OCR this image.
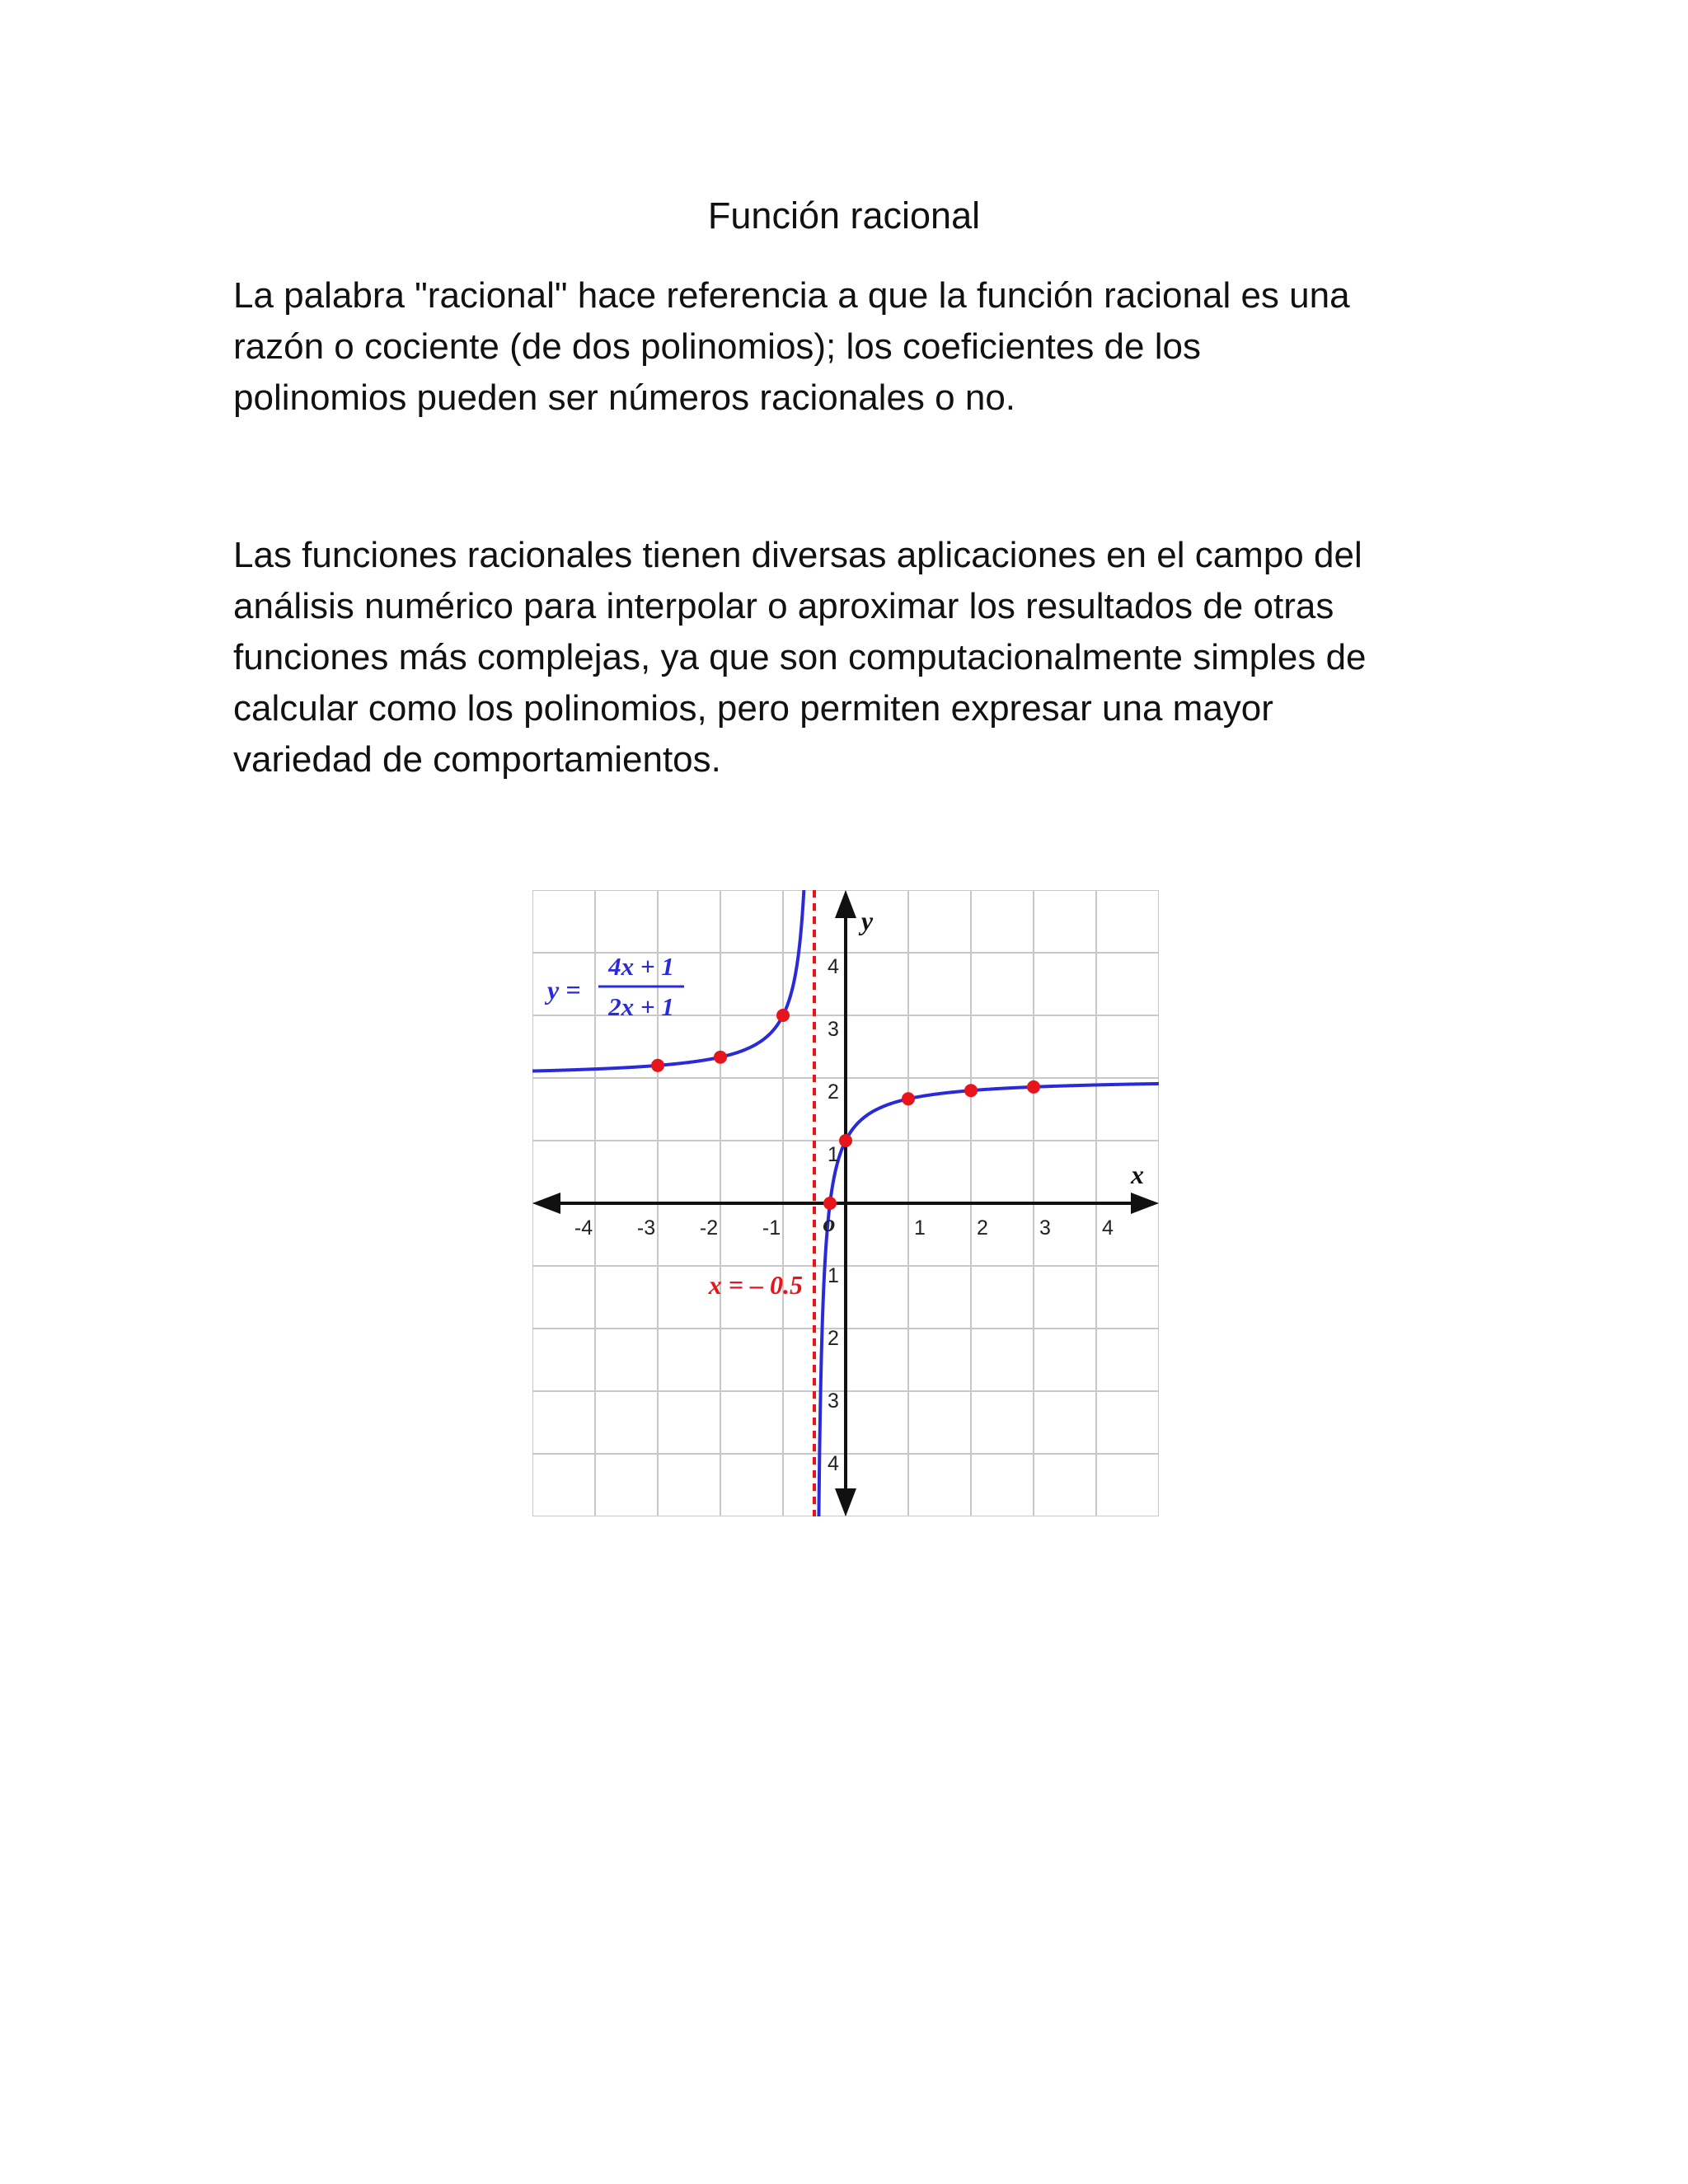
Función racional
La palabra "racional" hace referencia a que la función racional es una
razón o cociente (de dos polinomios); los coeficientes de los
polinomios pueden ser números racionales o no.
Las funciones racionales tienen diversas aplicaciones en el campo del
análisis numérico para interpolar o aproximar los resultados de otras
funciones más complejas, ya que son computacionalmente simples de
calcular como los polinomios, pero permiten expresar una mayor
variedad de comportamientos.
-4 -3 -2 -1	1 2 3 4
4
3
2
1
1
2
3
4
o
x
y
y =
4x + 1
2x + 1
x = – 0.5
